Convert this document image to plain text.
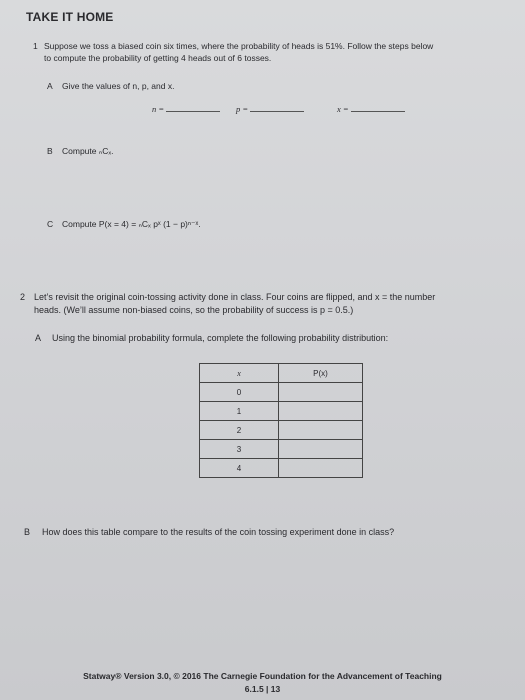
TAKE IT HOME
1 Suppose we toss a biased coin six times, where the probability of heads is 51%. Follow the steps below
to compute the probability of getting 4 heads out of 6 tosses.
A Give the values of n, p, and x.
n =	p =	x =
B Compute ₙCₓ.
C Compute P(x = 4) = ₙCₓ pˣ (1 − p)ⁿ⁻ˣ.
2 Let’s revisit the original coin-tossing activity done in class. Four coins are flipped, and x = the number
heads. (We’ll assume non-biased coins, so the probability of success is p = 0.5.)
A Using the binomial probability formula, complete the following probability distribution:
x	P(x)
0	
1	
2	
3	
4	
B How does this table compare to the results of the coin tossing experiment done in class?
Statway® Version 3.0, © 2016 The Carnegie Foundation for the Advancement of Teaching
6.1.5 | 13
